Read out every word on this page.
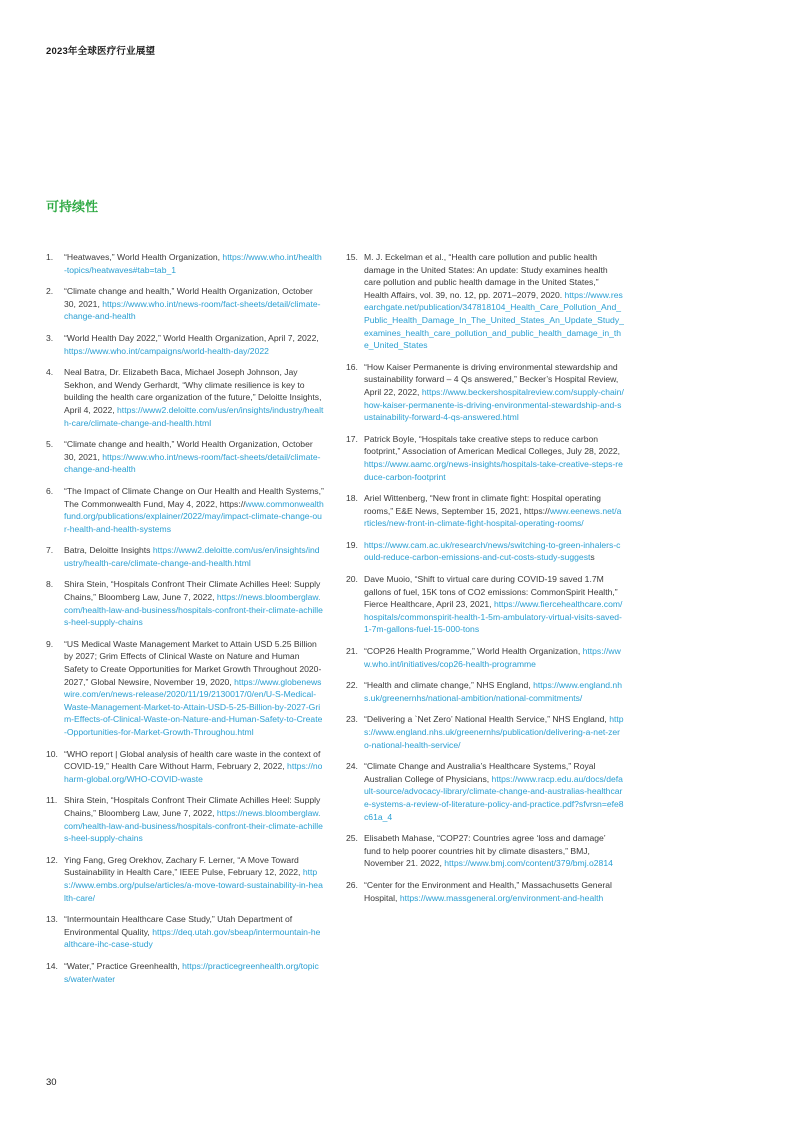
2023年全球医疗行业展望
可持续性
1. “Heatwaves,” World Health Organization, https://www.who.int/health-topics/heatwaves#tab=tab_1
2. “Climate change and health,” World Health Organization, October 30, 2021, https://www.who.int/news-room/fact-sheets/detail/climate-change-and-health
3. “World Health Day 2022,” World Health Organization, April 7, 2022, https://www.who.int/campaigns/world-health-day/2022
4. Neal Batra, Dr. Elizabeth Baca, Michael Joseph Johnson, Jay Sekhon, and Wendy Gerhardt, “Why climate resilience is key to building the health care organization of the future,” Deloitte Insights, April 4, 2022, https://www2.deloitte.com/us/en/insights/industry/health-care/climate-change-and-health.html
5. “Climate change and health,” World Health Organization, October 30, 2021, https://www.who.int/news-room/fact-sheets/detail/climate-change-and-health
6. “The Impact of Climate Change on Our Health and Health Systems,” The Commonwealth Fund, May 4, 2022, https://www.commonwealthfund.org/publications/explainer/2022/may/impact-climate-change-our-health-and-health-systems
7. Batra, Deloitte Insights https://www2.deloitte.com/us/en/insights/industry/health-care/climate-change-and-health.html
8. Shira Stein, “Hospitals Confront Their Climate Achilles Heel: Supply Chains,” Bloomberg Law, June 7, 2022, https://news.bloomberglaw.com/health-law-and-business/hospitals-confront-their-climate-achilles-heel-supply-chains
9. “US Medical Waste Management Market to Attain USD 5.25 Billion by 2027; Grim Effects of Clinical Waste on Nature and Human Safety to Create Opportunities for Market Growth Throughout 2020-2027,” Global Newsire, November 19, 2020, https://www.globenewswire.com/en/news-release/2020/11/19/2130017/0/en/U-S-Medical-Waste-Management-Market-to-Attain-USD-5-25-Billion-by-2027-Grim-Effects-of-Clinical-Waste-on-Nature-and-Human-Safety-to-Create-Opportunities-for-Market-Growth-Throughou.html
10. “WHO report | Global analysis of health care waste in the context of COVID-19,” Health Care Without Harm, February 2, 2022, https://noharm-global.org/WHO-COVID-waste
11. Shira Stein, “Hospitals Confront Their Climate Achilles Heel: Supply Chains,” Bloomberg Law, June 7, 2022, https://news.bloomberglaw.com/health-law-and-business/hospitals-confront-their-climate-achilles-heel-supply-chains
12. Ying Fang, Greg Orekhov, Zachary F. Lerner, “A Move Toward Sustainability in Health Care,” IEEE Pulse, February 12, 2022, https://www.embs.org/pulse/articles/a-move-toward-sustainability-in-health-care/
13. “Intermountain Healthcare Case Study,” Utah Department of Environmental Quality, https://deq.utah.gov/sbeap/intermountain-healthcare-ihc-case-study
14. “Water,” Practice Greenhealth, https://practicegreenhealth.org/topics/water/water
15. M. J. Eckelman et al., “Health care pollution and public health damage in the United States: An update: Study examines health care pollution and public health damage in the United States,” Health Affairs, vol. 39, no. 12, pp. 2071–2079, 2020. https://www.researchgate.net/publication/347818104_Health_Care_Pollution_And_Public_Health_Damage_In_The_United_States_An_Update_Study_examines_health_care_pollution_and_public_health_damage_in_the_United_States
16. “How Kaiser Permanente is driving environmental stewardship and sustainability forward – 4 Qs answered,” Becker’s Hospital Review, April 22, 2022, https://www.beckershospitalreview.com/supply-chain/how-kaiser-permanente-is-driving-environmental-stewardship-and-sustainability-forward-4-qs-answered.html
17. Patrick Boyle, “Hospitals take creative steps to reduce carbon footprint,” Association of American Medical Colleges, July 28, 2022, https://www.aamc.org/news-insights/hospitals-take-creative-steps-reduce-carbon-footprint
18. Ariel Wittenberg, “New front in climate fight: Hospital operating rooms,” E&E News, September 15, 2021, https://www.eenews.net/articles/new-front-in-climate-fight-hospital-operating-rooms/
19. https://www.cam.ac.uk/research/news/switching-to-green-inhalers-could-reduce-carbon-emissions-and-cut-costs-study-suggests
20. Dave Muoio, “Shift to virtual care during COVID-19 saved 1.7M gallons of fuel, 15K tons of CO2 emissions: CommonSpirit Health,” Fierce Healthcare, April 23, 2021, https://www.fiercehealthcare.com/hospitals/commonspirit-health-1-5m-ambulatory-virtual-visits-saved-1-7m-gallons-fuel-15-000-tons
21. “COP26 Health Programme,” World Health Organization, https://www.who.int/initiatives/cop26-health-programme
22. “Health and climate change,” NHS England, https://www.england.nhs.uk/greenernhs/national-ambition/national-commitments/
23. “Delivering a `Net Zero’ National Health Service,” NHS England, https://www.england.nhs.uk/greenernhs/publication/delivering-a-net-zero-national-health-service/
24. “Climate Change and Australia’s Healthcare Systems,” Royal Australian College of Physicians, https://www.racp.edu.au/docs/default-source/advocacy-library/climate-change-and-australias-healthcare-systems-a-review-of-literature-policy-and-practice.pdf?sfvrsn=efe8c61a_4
25. Elisabeth Mahase, “COP27: Countries agree ‘loss and damage’ fund to help poorer countries hit by climate disasters,” BMJ, November 21. 2022, https://www.bmj.com/content/379/bmj.o2814
26. “Center for the Environment and Health,” Massachusetts General Hospital, https://www.massgeneral.org/environment-and-health
30
